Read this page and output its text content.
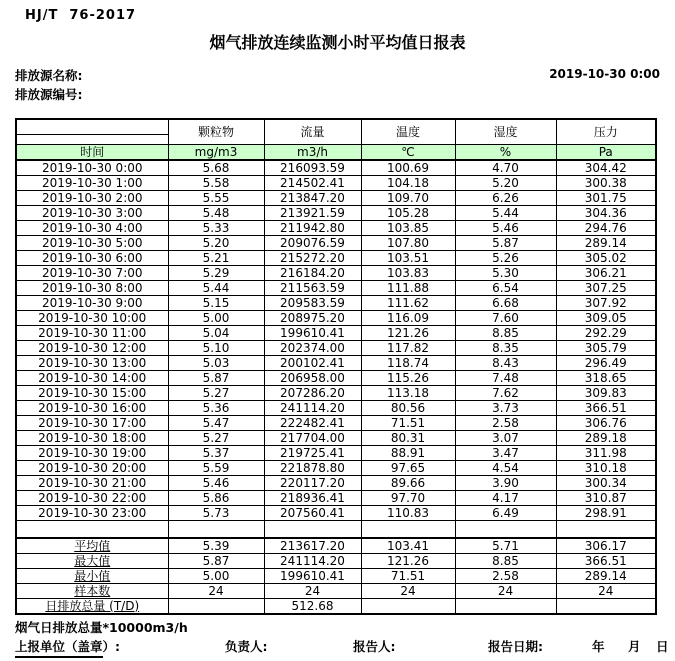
HJ/T  76-2017
烟气排放连续监测小时平均值日报表
排放源名称:
排放源编号:
2019-10-30 0:00
	颗粒物	流量	温度	湿度	压力

时间	mg/m3	m3/h	℃	%	Pa
2019-10-30 0:00	5.68	216093.59	100.69	4.70	304.42
2019-10-30 1:00	5.58	214502.41	104.18	5.20	300.38
2019-10-30 2:00	5.55	213847.20	109.70	6.26	301.75
2019-10-30 3:00	5.48	213921.59	105.28	5.44	304.36
2019-10-30 4:00	5.33	211942.80	103.85	5.46	294.76
2019-10-30 5:00	5.20	209076.59	107.80	5.87	289.14
2019-10-30 6:00	5.21	215272.20	103.51	5.26	305.02
2019-10-30 7:00	5.29	216184.20	103.83	5.30	306.21
2019-10-30 8:00	5.44	211563.59	111.88	6.54	307.25
2019-10-30 9:00	5.15	209583.59	111.62	6.68	307.92
2019-10-30 10:00	5.00	208975.20	116.09	7.60	309.05
2019-10-30 11:00	5.04	199610.41	121.26	8.85	292.29
2019-10-30 12:00	5.10	202374.00	117.82	8.35	305.79
2019-10-30 13:00	5.03	200102.41	118.74	8.43	296.49
2019-10-30 14:00	5.87	206958.00	115.26	7.48	318.65
2019-10-30 15:00	5.27	207286.20	113.18	7.62	309.83
2019-10-30 16:00	5.36	241114.20	80.56	3.73	366.51
2019-10-30 17:00	5.47	222482.41	71.51	2.58	306.76
2019-10-30 18:00	5.27	217704.00	80.31	3.07	289.18
2019-10-30 19:00	5.37	219725.41	88.91	3.47	311.98
2019-10-30 20:00	5.59	221878.80	97.65	4.54	310.18
2019-10-30 21:00	5.46	220117.20	89.66	3.90	300.34
2019-10-30 22:00	5.86	218936.41	97.70	4.17	310.87
2019-10-30 23:00	5.73	207560.41	110.83	6.49	298.91

平均值	5.39	213617.20	103.41	5.71	306.17
最大值	5.87	241114.20	121.26	8.85	366.51
最小值	5.00	199610.41	71.51	2.58	289.14
样本数	24	24	24	24	24
日排放总量 (T/D)		512.68			
烟气日排放总量*10000m3/h
上报单位（盖章）:	负责人:	报告人:	报告日期:	年 月 日
